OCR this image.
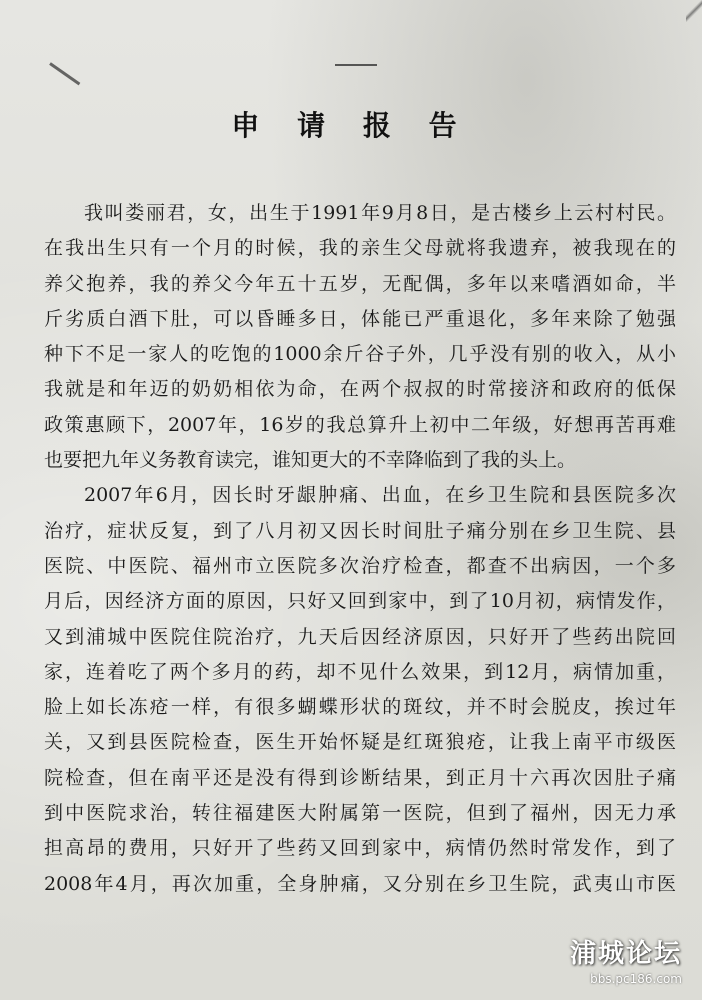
申 请 报 告
我叫娄丽君，女，出生于1991年9月8日，是古楼乡上云村村民。
在我出生只有一个月的时候，我的亲生父母就将我遗弃，被我现在的
养父抱养，我的养父今年五十五岁，无配偶，多年以来嗜酒如命，半
斤劣质白酒下肚，可以昏睡多日，体能已严重退化，多年来除了勉强
种下不足一家人的吃饱的1000余斤谷子外，几乎没有别的收入，从小
我就是和年迈的奶奶相依为命，在两个叔叔的时常接济和政府的低保
政策惠顾下，2007年，16岁的我总算升上初中二年级，好想再苦再难
也要把九年义务教育读完，谁知更大的不幸降临到了我的头上。
2007年6月，因长时牙龈肿痛、出血，在乡卫生院和县医院多次
治疗，症状反复，到了八月初又因长时间肚子痛分别在乡卫生院、县
医院、中医院、福州市立医院多次治疗检查，都查不出病因，一个多
月后，因经济方面的原因，只好又回到家中，到了10月初，病情发作，
又到浦城中医院住院治疗，九天后因经济原因，只好开了些药出院回
家，连着吃了两个多月的药，却不见什么效果，到12月，病情加重，
脸上如长冻疮一样，有很多蝴蝶形状的斑纹，并不时会脱皮，挨过年
关，又到县医院检查，医生开始怀疑是红斑狼疮，让我上南平市级医
院检查，但在南平还是没有得到诊断结果，到正月十六再次因肚子痛
到中医院求治，转往福建医大附属第一医院，但到了福州，因无力承
担高昂的费用，只好开了些药又回到家中，病情仍然时常发作，到了
2008年4月，再次加重，全身肿痛，又分别在乡卫生院，武夷山市医
浦城论坛
bbs.pc186.com
